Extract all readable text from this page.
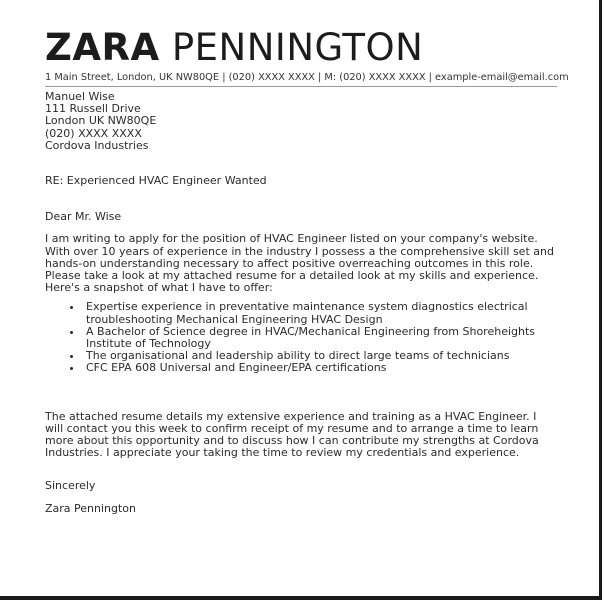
ZARA PENNINGTON
1 Main Street, London, UK NW80QE | (020) XXXX XXXX | M: (020) XXXX XXXX | example-email@email.com
Manuel Wise
111 Russell Drive
London UK NW80QE
(020) XXXX XXXX
Cordova Industries
RE: Experienced HVAC Engineer Wanted
Dear Mr. Wise
I am writing to apply for the position of HVAC Engineer listed on your company's website. With over 10 years of experience in the industry I possess a the comprehensive skill set and hands-on understanding necessary to affect positive overreaching outcomes in this role. Please take a look at my attached resume for a detailed look at my skills and experience. Here's a snapshot of what I have to offer:
• Expertise experience in preventative maintenance system diagnostics electrical troubleshooting Mechanical Engineering HVAC Design
• A Bachelor of Science degree in HVAC/Mechanical Engineering from Shoreheights Institute of Technology
• The organisational and leadership ability to direct large teams of technicians
• CFC EPA 608 Universal and Engineer/EPA certifications
The attached resume details my extensive experience and training as a HVAC Engineer. I will contact you this week to confirm receipt of my resume and to arrange a time to learn more about this opportunity and to discuss how I can contribute my strengths at Cordova Industries. I appreciate your taking the time to review my credentials and experience.
Sincerely
Zara Pennington
